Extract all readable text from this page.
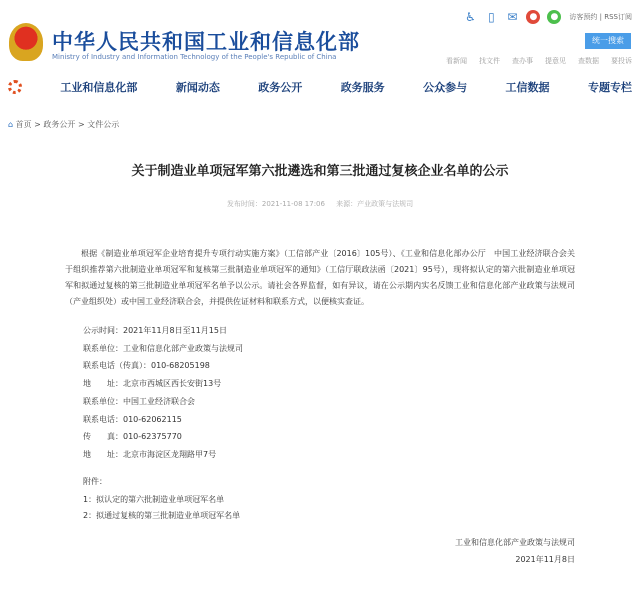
中华人民共和国工业和信息化部
Ministry of Industry and Information Technology of the People's Republic of China
♿	▯	✉	●	●	访客预约 | RSS订阅
统一搜索
看新闻 找文件 查办事 提意见 查数据 要投诉
工业和信息化部	新闻动态	政务公开	政务服务	公众参与	工信数据	专题专栏
⌂ 首页 > 政务公开 > 文件公示
关于制造业单项冠军第六批遴选和第三批通过复核企业名单的公示
发布时间：2021-11-08 17:06 来源：产业政策与法规司
根据《制造业单项冠军企业培育提升专项行动实施方案》（工信部产业〔2016〕105号）、《工业和信息化部办公厅　中国工业经济联合会关于组织推荐第六批制造业单项冠军和复核第三批制造业单项冠军的通知》（工信厅联政法函〔2021〕95号），现将拟认定的第六批制造业单项冠军和拟通过复核的第三批制造业单项冠军名单予以公示。请社会各界监督，如有异议，请在公示期内实名反馈工业和信息化部产业政策与法规司（产业组织处）或中国工业经济联合会，并提供佐证材料和联系方式，以便核实查证。
公示时间：2021年11月8日至11月15日
联系单位：工业和信息化部产业政策与法规司
联系电话（传真）：010-68205198
地　　址：北京市西城区西长安街13号
联系单位：中国工业经济联合会
联系电话：010-62062115
传　　真：010-62375770
地　　址：北京市海淀区龙翔路甲7号
附件：
1：拟认定的第六批制造业单项冠军名单
2：拟通过复核的第三批制造业单项冠军名单
工业和信息化部产业政策与法规司
2021年11月8日
